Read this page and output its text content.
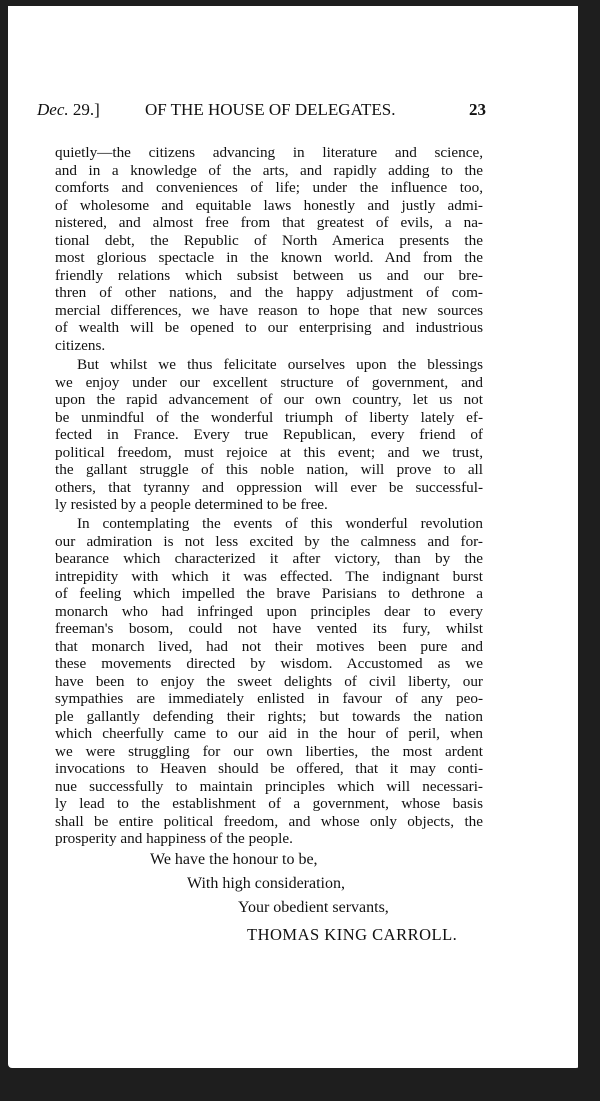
Dec. 29.]	OF THE HOUSE OF DELEGATES.	23
quietly—the citizens advancing in literature and science,
and in a knowledge of the arts, and rapidly adding to the
comforts and conveniences of life; under the influence too,
of wholesome and equitable laws honestly and justly admi-
nistered, and almost free from that greatest of evils, a na-
tional debt, the Republic of North America presents the
most glorious spectacle in the known world. And from the
friendly relations which subsist between us and our bre-
thren of other nations, and the happy adjustment of com-
mercial differences, we have reason to hope that new sources
of wealth will be opened to our enterprising and industrious
citizens.
But whilst we thus felicitate ourselves upon the blessings
we enjoy under our excellent structure of government, and
upon the rapid advancement of our own country, let us not
be unmindful of the wonderful triumph of liberty lately ef-
fected in France. Every true Republican, every friend of
political freedom, must rejoice at this event; and we trust,
the gallant struggle of this noble nation, will prove to all
others, that tyranny and oppression will ever be successful-
ly resisted by a people determined to be free.
In contemplating the events of this wonderful revolution
our admiration is not less excited by the calmness and for-
bearance which characterized it after victory, than by the
intrepidity with which it was effected. The indignant burst
of feeling which impelled the brave Parisians to dethrone a
monarch who had infringed upon principles dear to every
freeman's bosom, could not have vented its fury, whilst
that monarch lived, had not their motives been pure and
these movements directed by wisdom. Accustomed as we
have been to enjoy the sweet delights of civil liberty, our
sympathies are immediately enlisted in favour of any peo-
ple gallantly defending their rights; but towards the nation
which cheerfully came to our aid in the hour of peril, when
we were struggling for our own liberties, the most ardent
invocations to Heaven should be offered, that it may conti-
nue successfully to maintain principles which will necessari-
ly lead to the establishment of a government, whose basis
shall be entire political freedom, and whose only objects, the
prosperity and happiness of the people.
We have the honour to be,
With high consideration,
Your obedient servants,
THOMAS KING CARROLL.
